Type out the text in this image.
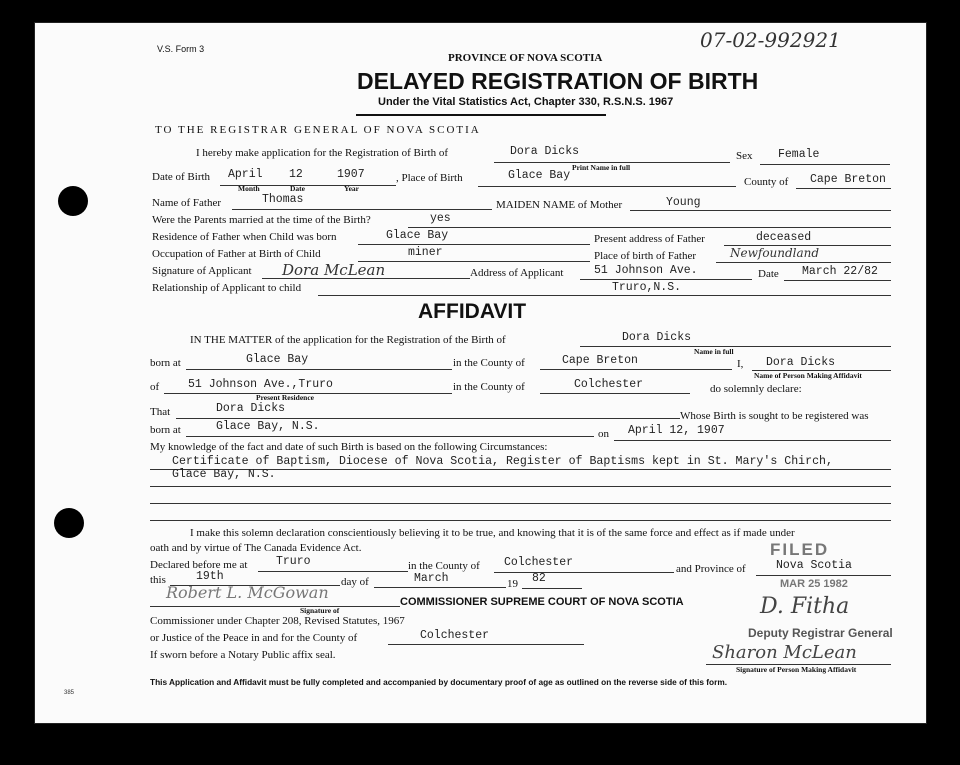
07-02-992921
V.S. Form 3
PROVINCE OF NOVA SCOTIA
DELAYED REGISTRATION OF BIRTH
Under the Vital Statistics Act, Chapter 330, R.S.N.S. 1967
TO THE REGISTRAR GENERAL OF NOVA SCOTIA
I hereby make application for the Registration of Birth of	Dora Dicks
Print Name in full
Sex Female
Date of Birth April 12	1907
Month	Date	Year
, Place of Birth	Glace Bay	County of Cape Breton
Name of Father	Thomas	MAIDEN NAME of Mother	Young
Were the Parents married at the time of the Birth?	yes
Residence of Father when Child was born	Glace Bay	Present address of Father	deceased
Occupation of Father at Birth of Child	miner	Place of birth of Father	Newfoundland
Signature of Applicant Dora McLean	Address of Applicant	51 Johnson Ave.	Date March 22/82
Relationship of Applicant to child	Truro,N.S.
AFFIDAVIT
IN THE MATTER of the application for the Registration of the Birth of	Dora Dicks
Name in full
born at	Glace Bay	in the County of	Cape Breton	I, Dora Dicks
Name of Person Making Affidavit
of	51 Johnson Ave.,Truro
Present Residence
in the County of	Colchester	do solemnly declare:
That	Dora Dicks
Whose Birth is sought to be registered was
born at	Glace Bay, N.S.
on April 12, 1907
My knowledge of the fact and date of such Birth is based on the following Circumstances:
Certificate of Baptism, Diocese of Nova Scotia, Register of Baptisms kept in St. Mary's Chirch,
Glace Bay, N.S.
I make this solemn declaration conscientiously believing it to be true, and knowing that it is of the same force and effect as if made under
oath and by virtue of The Canada Evidence Act.
Declared before me at Truro	in the County of Colchester	and Province of	Nova Scotia
this	19th	day of	March	19 82
Robert L. McGowan	COMMISSIONER SUPREME COURT OF NOVA SCOTIA
Signature of
Commissioner under Chapter 208, Revised Statutes, 1967
or Justice of the Peace in and for the County of	Colchester
If sworn before a Notary Public affix seal.
FILED
MAR 25 1982
D. Fitha
Deputy Registrar General
Sharon McLean
Signature of Person Making Affidavit
This Application and Affidavit must be fully completed and accompanied by documentary proof of age as outlined on the reverse side of this form.
385
